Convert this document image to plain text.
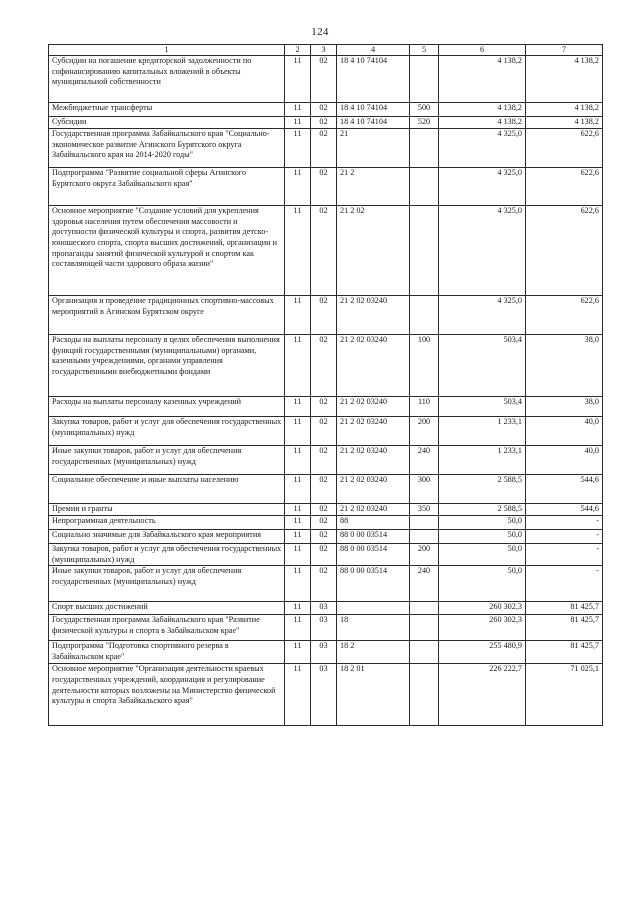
124
1	2	3	4	5	6	7
Субсидии на погашение кредиторской задолженности по софинансированию капитальных вложений в объекты муниципальной собственности	11	02	18 4 10 74104		4 138,2	4 138,2
Межбюджетные трансферты	11	02	18 4 10 74104	500	4 138,2	4 138,2
Субсидии	11	02	18 4 10 74104	520	4 138,2	4 138,2
Государственная программа Забайкальского края "Социально-экономическое развитие Агинского Бурятского округа Забайкальского края на 2014-2020 годы"	11	02	21		4 325,0	622,6
Подпрограмма "Развитие социальной сферы Агинского Бурятского округа Забайкальского края"	11	02	21 2		4 325,0	622,6
Основное мероприятие "Создание условий для укрепления здоровья населения путем обеспечения массовости и доступности физической культуры и спорта, развития детско-юношеского спорта, спорта высших достижений, организации и пропаганды занятий физической культурой и спортом как составляющей части здорового образа жизни"	11	02	21 2 02		4 325,0	622,6
Организация и проведение традиционных спортивно-массовых мероприятий в Агинском Бурятском округе	11	02	21 2 02 03240		4 325,0	622,6
Расходы на выплаты персоналу в целях обеспечения выполнения функций государственными (муниципальными) органами, казенными учреждениями, органами управления государственными внебюджетными фондами	11	02	21 2 02 03240	100	503,4	38,0
Расходы на выплаты персоналу казенных учреждений	11	02	21 2 02 03240	110	503,4	38,0
Закупка товаров, работ и услуг для обеспечения государственных (муниципальных) нужд	11	02	21 2 02 03240	200	1 233,1	40,0
Иные закупки товаров, работ и услуг для обеспечения государственных (муниципальных) нужд	11	02	21 2 02 03240	240	1 233,1	40,0
Социальное обеспечение и иные выплаты населению	11	02	21 2 02 03240	300	2 588,5	544,6
Премии и гранты	11	02	21 2 02 03240	350	2 588,5	544,6
Непрограммная деятельность	11	02	88		50,0	-
Социально значимые для Забайкальского края мероприятия	11	02	88 0 00 03514		50,0	-
Закупка товаров, работ и услуг для обеспечения государственных (муниципальных) нужд	11	02	88 0 00 03514	200	50,0	-
Иные закупки товаров, работ и услуг для обеспечения государственных (муниципальных) нужд	11	02	88 0 00 03514	240	50,0	-
Спорт высших достижений	11	03			260 302,3	81 425,7
Государственная программа Забайкальского края "Развитие физической культуры и спорта в Забайкальском крае"	11	03	18		260 302,3	81 425,7
Подпрограмма "Подготовка спортивного резерва в Забайкальском крае"	11	03	18 2		255 480,9	81 425,7
Основное мероприятие "Организация деятельности краевых государственных учреждений, координация и регулирование деятельности которых возложены на Министерство физической культуры и спорта Забайкальского края"	11	03	18 2 01		226 222,7	71 025,1
